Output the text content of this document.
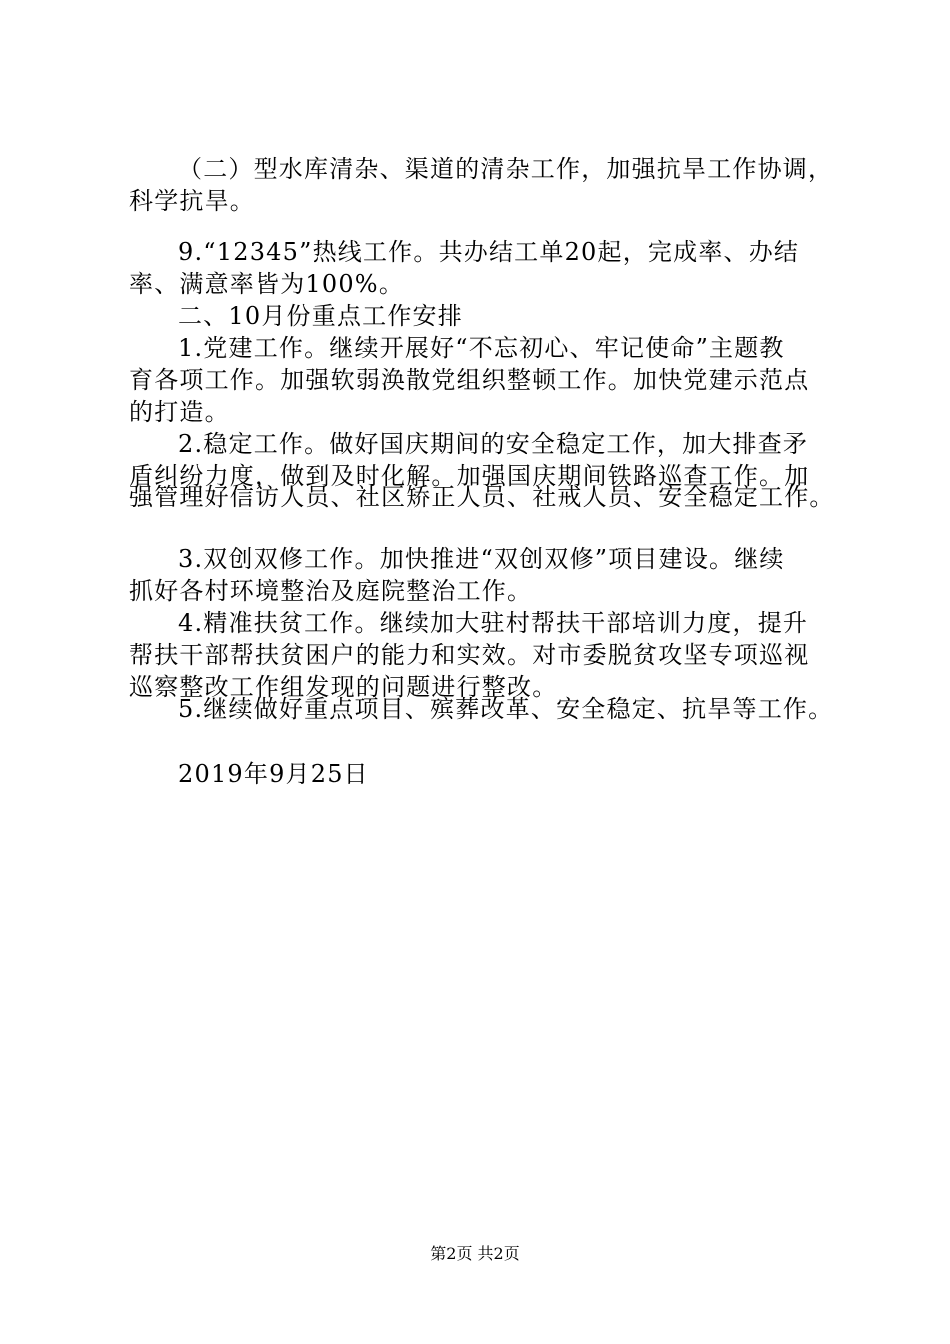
（二）型水库清杂、渠道的清杂工作，加强抗旱工作协调，
科学抗旱。
9.“12345”热线工作。共办结工单20起，完成率、办结
率、满意率皆为100%。
二、10月份重点工作安排
1.党建工作。继续开展好“不忘初心、牢记使命”主题教
育各项工作。加强软弱涣散党组织整顿工作。加快党建示范点
的打造。
2.稳定工作。做好国庆期间的安全稳定工作，加大排查矛
盾纠纷力度，做到及时化解。加强国庆期间铁路巡查工作。加
强管理好信访人员、社区矫正人员、社戒人员、安全稳定工作。
3.双创双修工作。加快推进“双创双修”项目建设。继续
抓好各村环境整治及庭院整治工作。
4.精准扶贫工作。继续加大驻村帮扶干部培训力度，提升
帮扶干部帮扶贫困户的能力和实效。对市委脱贫攻坚专项巡视
巡察整改工作组发现的问题进行整改。
5.继续做好重点项目、殡葬改革、安全稳定、抗旱等工作。
2019年9月25日
第2页 共2页
